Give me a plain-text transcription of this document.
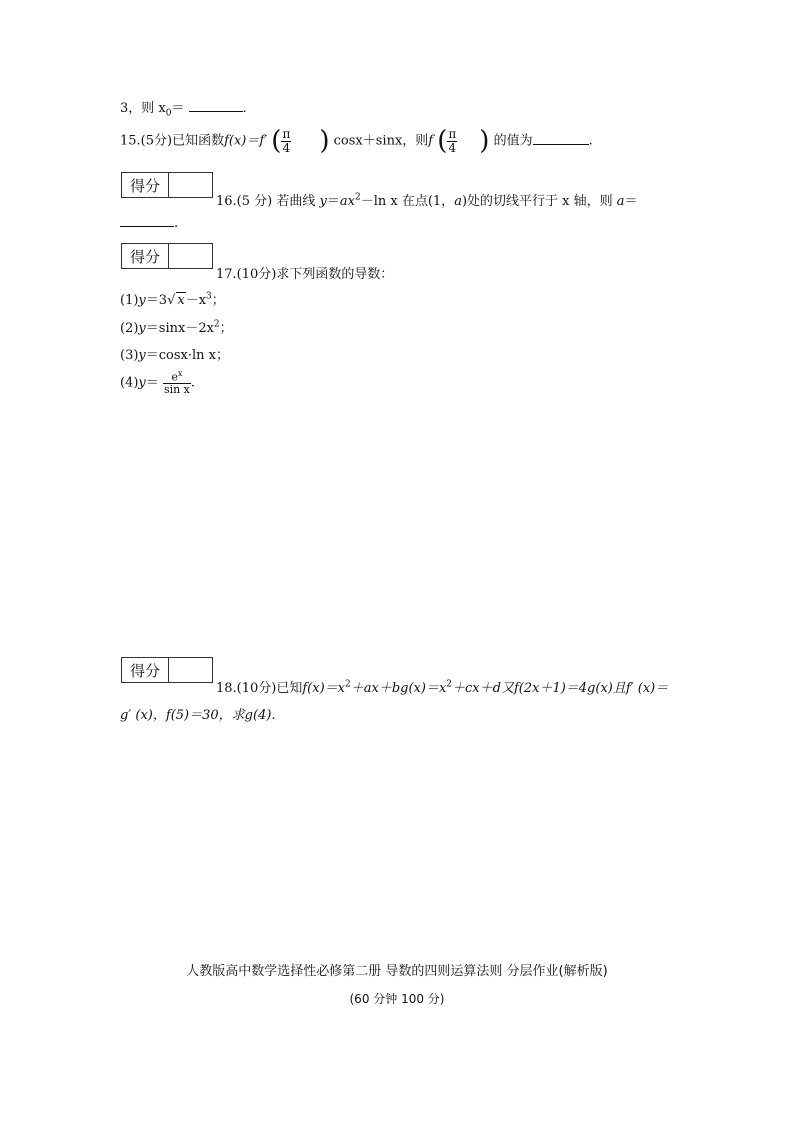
3，则 $x_0=$	.
15.(5分)已知函数f(x)＝f′ ( $\frac{\pi}{4}$ ) cosx＋sinx，则f ( $\frac{\pi}{4}$ ) 的值为	.
得分
16.(5 分) 若曲线 $y=ax^2-\ln$ x 在点(1，a)处的切线平行于 x 轴，则 a＝
.
得分
17.(10分)求下列函数的导数：
(1)y＝3√ $x-x^3$；
$(2)y=\sin x-2x^2$；
(3)y＝cosx·ln x；
$(4)y= \frac{e^x}{\text{sin x}}$ .
得分
18.(10分)已知$f(x)=x^2+ax+bg(x)=x^2+cx+d$又f(2x＋1)＝4g(x)且f′ (x)＝
g′ (x)，f(5)＝30，求g(4).
人教版高中数学选择性必修第二册 导数的四则运算法则 分层作业(解析版)
(60 分钟 100 分)
